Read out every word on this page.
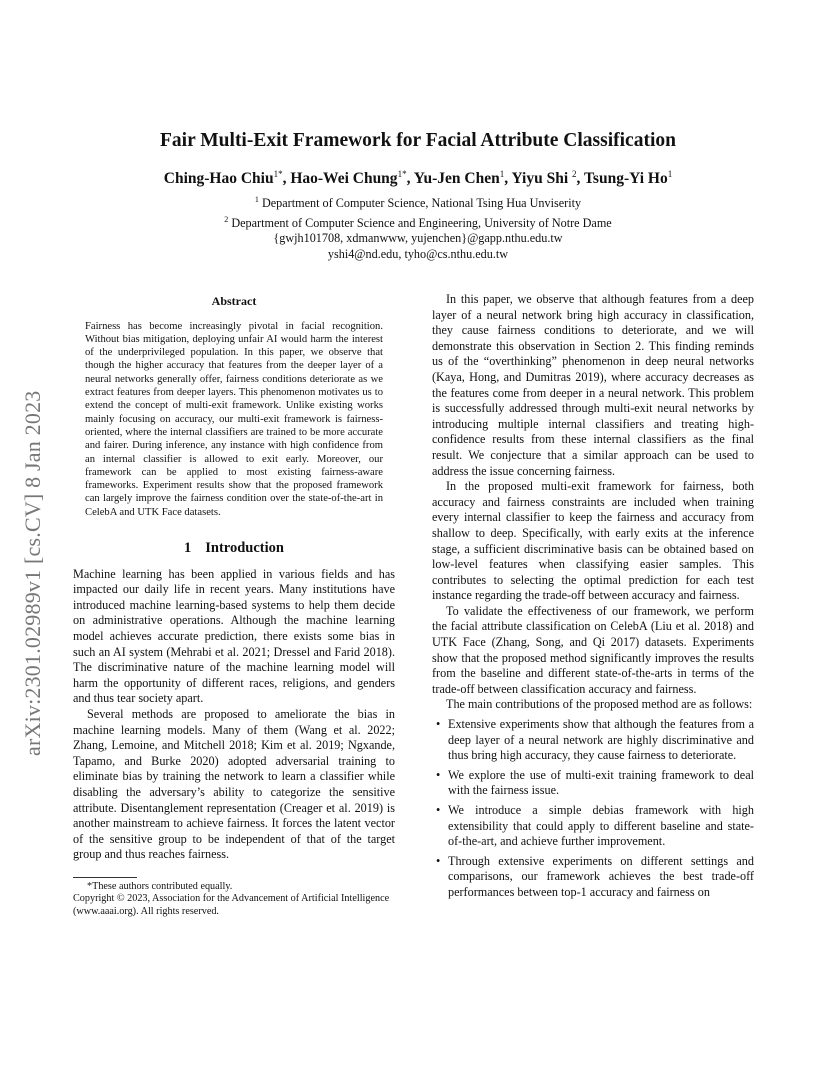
arXiv:2301.02989v1 [cs.CV] 8 Jan 2023
Fair Multi-Exit Framework for Facial Attribute Classification
Ching-Hao Chiu$^{1*}$, Hao-Wei Chung$^{1*}$, Yu-Jen Chen$^1$, Yiyu Shi $^2$, Tsung-Yi Ho$^1$
$^1$ Department of Computer Science, National Tsing Hua Unviserity
$^2$ Department of Computer Science and Engineering, University of Notre Dame
{gwjh101708, xdmanwww, yujenchen}@gapp.nthu.edu.tw
yshi4@nd.edu, tyho@cs.nthu.edu.tw
Abstract
Fairness has become increasingly pivotal in facial recognition. Without bias mitigation, deploying unfair AI would harm the interest of the underprivileged population. In this paper, we observe that though the higher accuracy that features from the deeper layer of a neural networks generally offer, fairness conditions deteriorate as we extract features from deeper layers. This phenomenon motivates us to extend the concept of multi-exit framework. Unlike existing works mainly focusing on accuracy, our multi-exit framework is fairness-oriented, where the internal classifiers are trained to be more accurate and fairer. During inference, any instance with high confidence from an internal classifier is allowed to exit early. Moreover, our framework can be applied to most existing fairness-aware frameworks. Experiment results show that the proposed framework can largely improve the fairness condition over the state-of-the-art in CelebA and UTK Face datasets.
1 Introduction

Machine learning has been applied in various fields and has impacted our daily life in recent years. Many institutions have introduced machine learning-based systems to help them decide on administrative operations. Although the machine learning model achieves accurate prediction, there exists some bias in such an AI system (Mehrabi et al. 2021; Dressel and Farid 2018). The discriminative nature of the machine learning model will harm the opportunity of different races, religions, and genders and thus tear society apart.

Several methods are proposed to ameliorate the bias in machine learning models. Many of them (Wang et al. 2022; Zhang, Lemoine, and Mitchell 2018; Kim et al. 2019; Ngxande, Tapamo, and Burke 2020) adopted adversarial training to eliminate bias by training the network to learn a classifier while disabling the adversary’s ability to categorize the sensitive attribute. Disentanglement representation (Creager et al. 2019) is another mainstream to achieve fairness. It forces the latent vector of the sensitive group to be independent of that of the target group and thus reaches fairness.

*These authors contributed equally.
Copyright © 2023, Association for the Advancement of Artificial Intelligence (www.aaai.org). All rights reserved.

In this paper, we observe that although features from a deep layer of a neural network bring high accuracy in classification, they cause fairness conditions to deteriorate, and we will demonstrate this observation in Section 2. This finding reminds us of the “overthinking” phenomenon in deep neural networks (Kaya, Hong, and Dumitras 2019), where accuracy decreases as the features come from deeper in a neural network. This problem is successfully addressed through multi-exit neural networks by introducing multiple internal classifiers and treating high-confidence results from these internal classifiers as the final result. We conjecture that a similar approach can be used to address the issue concerning fairness.

In the proposed multi-exit framework for fairness, both accuracy and fairness constraints are included when training every internal classifier to keep the fairness and accuracy from shallow to deep. Specifically, with early exits at the inference stage, a sufficient discriminative basis can be obtained based on low-level features when classifying easier samples. This contributes to selecting the optimal prediction for each test instance regarding the trade-off between accuracy and fairness.

To validate the effectiveness of our framework, we perform the facial attribute classification on CelebA (Liu et al. 2018) and UTK Face (Zhang, Song, and Qi 2017) datasets. Experiments show that the proposed method significantly improves the results from the baseline and different state-of-the-arts in terms of the trade-off between classification accuracy and fairness.

The main contributions of the proposed method are as follows:

• Extensive experiments show that although the features from a deep layer of a neural network are highly discriminative and thus bring high accuracy, they cause fairness to deteriorate.
• We explore the use of multi-exit training framework to deal with the fairness issue.
• We introduce a simple debias framework with high extensibility that could apply to different baseline and state-of-the-art, and achieve further improvement.
• Through extensive experiments on different settings and comparisons, our framework achieves the best trade-off performances between top-1 accuracy and fairness on
